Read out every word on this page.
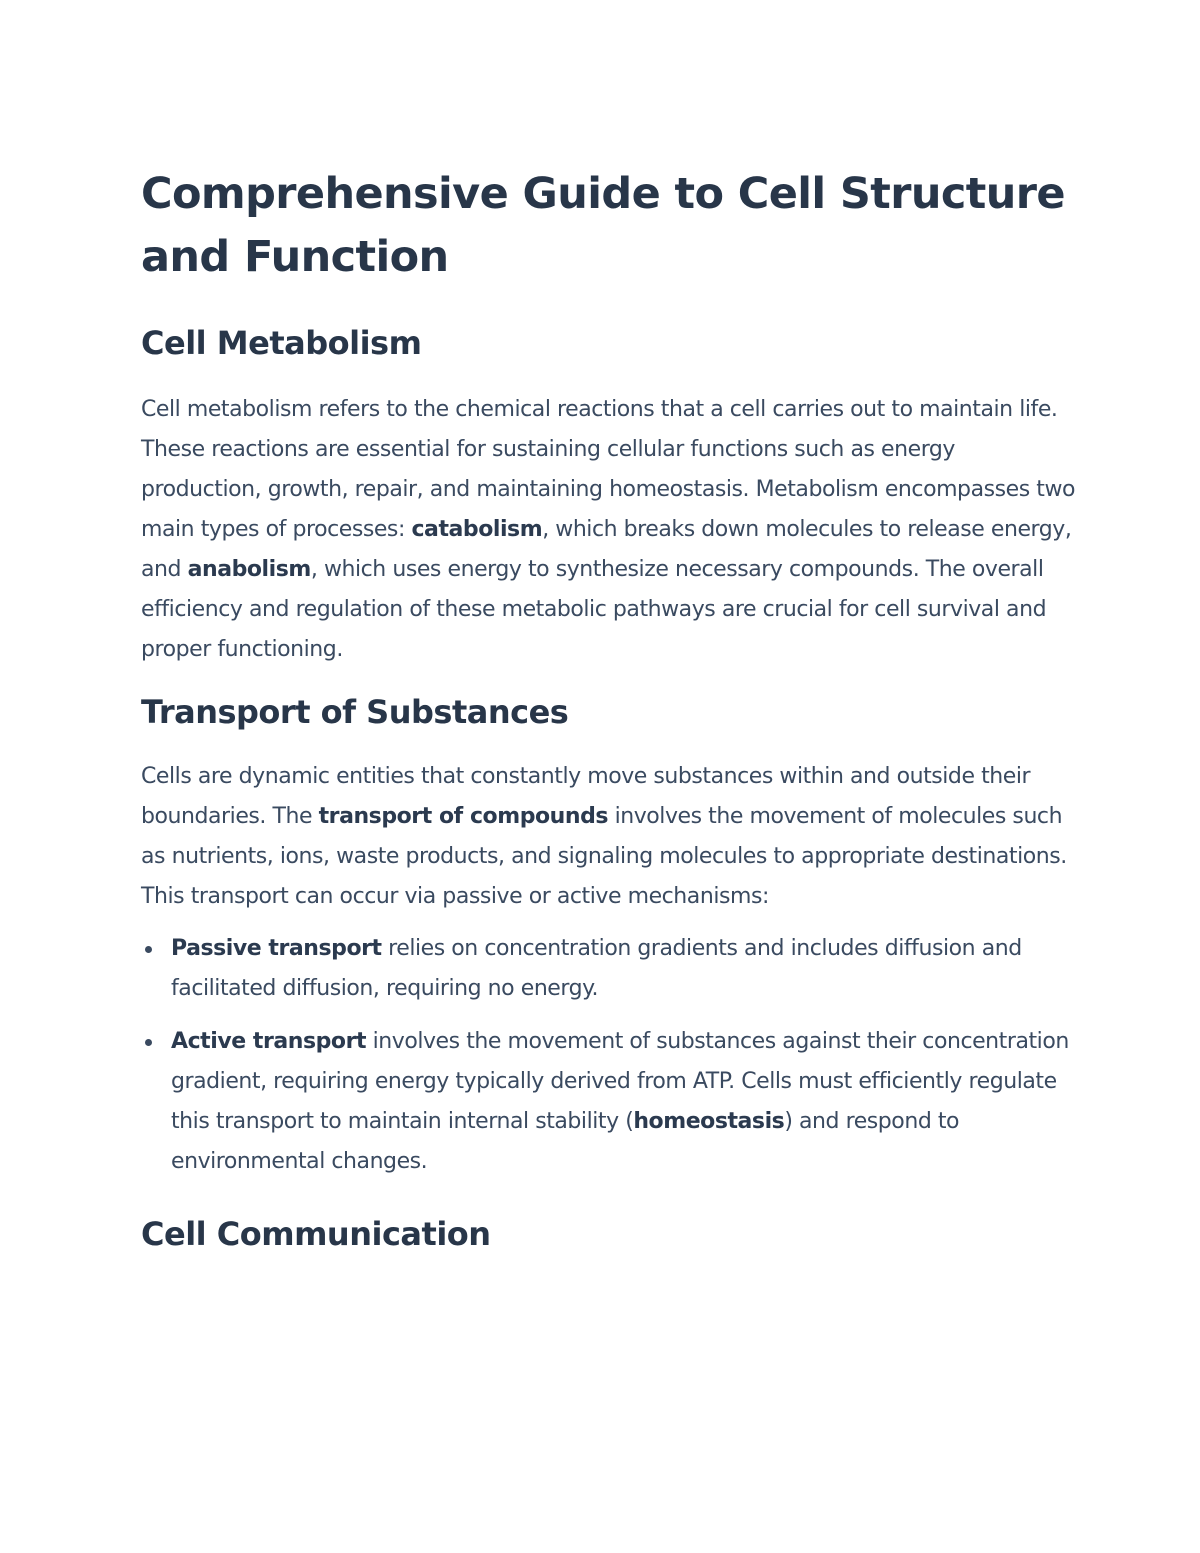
Comprehensive Guide to Cell Structure and Function
Cell Metabolism

Cell metabolism refers to the chemical reactions that a cell carries out to maintain life. These reactions are essential for sustaining cellular functions such as energy production, growth, repair, and maintaining homeostasis. Metabolism encompasses two main types of processes: catabolism, which breaks down molecules to release energy, and anabolism, which uses energy to synthesize necessary compounds. The overall efficiency and regulation of these metabolic pathways are crucial for cell survival and proper functioning.

Transport of Substances

Cells are dynamic entities that constantly move substances within and outside their boundaries. The transport of compounds involves the movement of molecules such as nutrients, ions, waste products, and signaling molecules to appropriate destinations. This transport can occur via passive or active mechanisms:

Passive transport relies on concentration gradients and includes diffusion and facilitated diffusion, requiring no energy.
Active transport involves the movement of substances against their concentration gradient, requiring energy typically derived from ATP. Cells must efficiently regulate this transport to maintain internal stability (homeostasis) and respond to environmental changes.
Cell Communication
